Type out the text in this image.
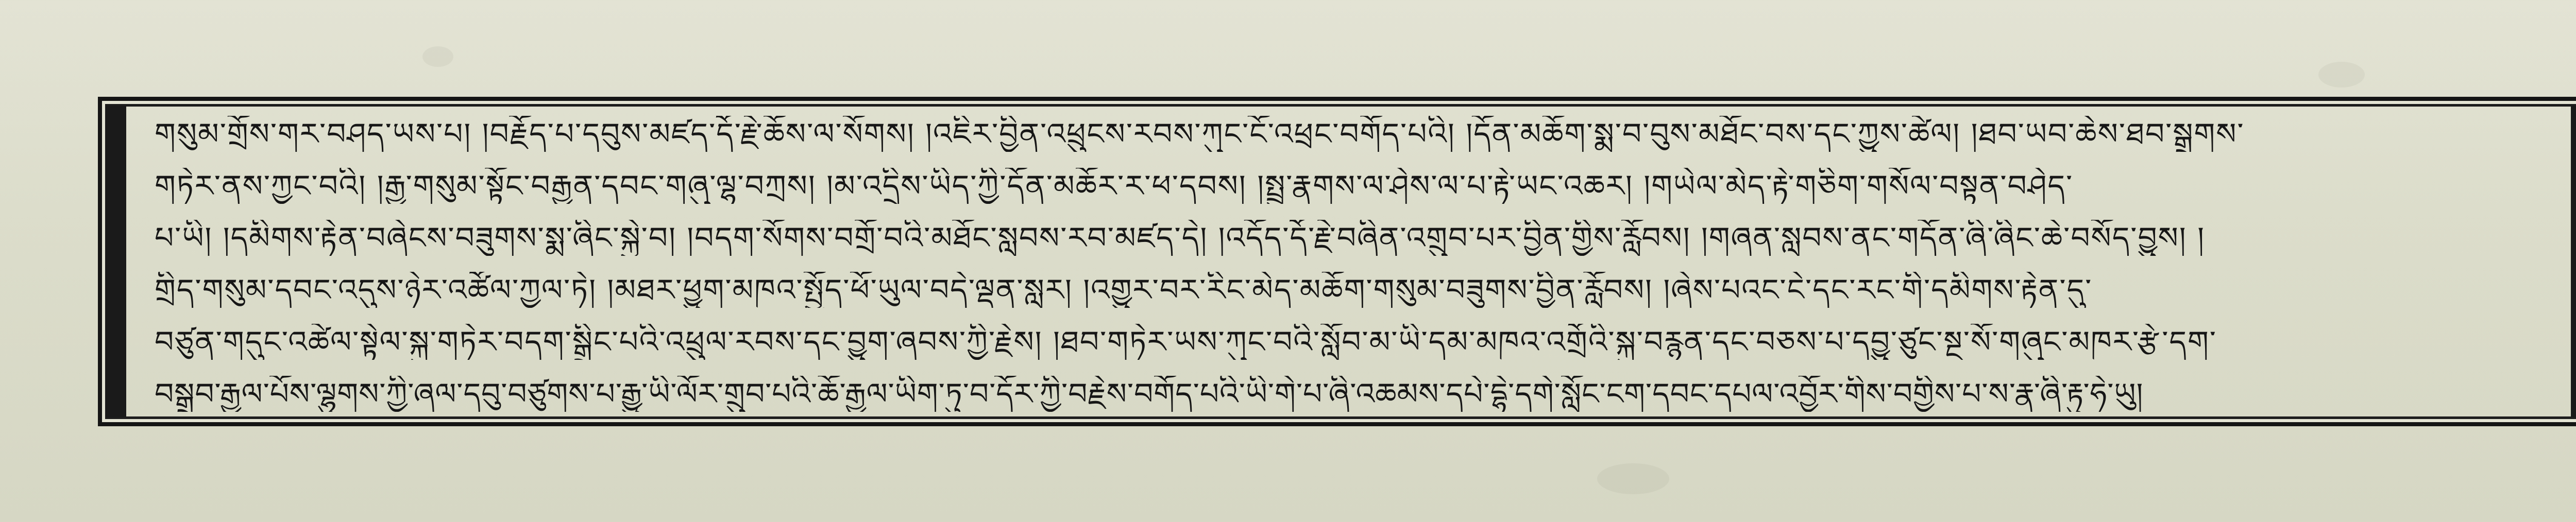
གསུམ་གྲོས་གར་བཤད་ཡས་པ། །བརྗོད་པ་དབུས་མཛད་དོ་རྗེ་ཆོས་ལ་སོགས། །འཇིར་བྱིན་འཕྲུངས་རབས་ཀུང་ངོ་འཕྲང་བགོད་པའི། །དོན་མཆོག་སྨྲ་བ་བུས་མཐོང་བས་དང་ཀྱུས་ཚེལ། །ཐབ་ཡབ་ཆེས་ཐབ་སྒྲུགས་
གཏེར་ནས་ཀྱང་བའི། །རྒྱ་གསུམ་སྟོང་བརྒྱན་དབང་གཞུ་ལྷ་བཀྲས། །མ་འདྲིས་ཡིད་ཀྱི་དོན་མཆོར་ར་ཕ་དབས། །སྤྲུ་རྣགས་ལ་ཤེས་ལ་པ་རྟེ་ཡང་འཆར། །གཡེལ་མེད་རྟེ་གཅིག་གསོལ་བསྟན་བཤེད་
པ་ཡི། །དམིགས་རྟེན་བཞེངས་བཟུགས་སྨྲ་ཞིང་སྐྱེ་བ། །བདག་སོགས་བགྲོ་བའི་མཐོང་སླབས་རབ་མཛད་དེ། །འདོད་དོ་རྗེ་བཞིན་འགྲུབ་པར་བྱིན་གྱིས་རློབས། །གཞན་སླབས་ནང་གདོན་ཞི་ཞིང་ཆེ་བསོད་བྱུས། །
གྲིད་གསུམ་དབང་འདུས་ཉེར་འཚོལ་ཀྱལ་ཏེ། །མཐར་ཕྱུག་མཁའ་སྤྱོད་ཕོ་ཡུལ་བདེ་ལྡན་སླར། །འགྱུར་བར་རིང་མེད་མཆོག་གསུམ་བཟུགས་བྱིན་རློབས། །ཞེས་པའང་ངེ་དང་རང་གི་དམིགས་རྟེན་དུ་
བཙུན་གདུང་འཚེལ་སྟེལ་སྐུ་གཏེར་བདག་སྒྲིང་པའི་འཕྲུལ་རབས་དང་བྱུག་ཞབས་ཀྱི་རྗེས། །ཐབ་གཏེར་ཡས་ཀུང་བའི་སློབ་མ་ཡི་དམ་མཁའ་འགྲོའི་སྐུ་བརྙན་དང་བཅས་པ་དབྱུ་ཙུང་སྔ་སོ་གཞུང་མཁར་རྩེ་དག་
བསྒྲུབ་རྒྱལ་པོས་ལྷུགས་ཀྱི་ཞལ་དབུ་བཙུགས་པ་རྒྱུ་ཡི་ལོར་གྲུབ་པའི་ཆོ་རྒྱལ་ཡིག་ཏུ་བ་དོར་ཀྱི་བརྗེས་བགོད་པའི་ཡི་གེ་པ་ཞི་འཆམས་དཔེ་དྷེ་དགེ་སློང་ངག་དབང་དཔལ་འབྱོར་གིས་བགྱིས་པ་ས་རྣ་ཞི་རྟུ་ཧེ་ཡུ།
